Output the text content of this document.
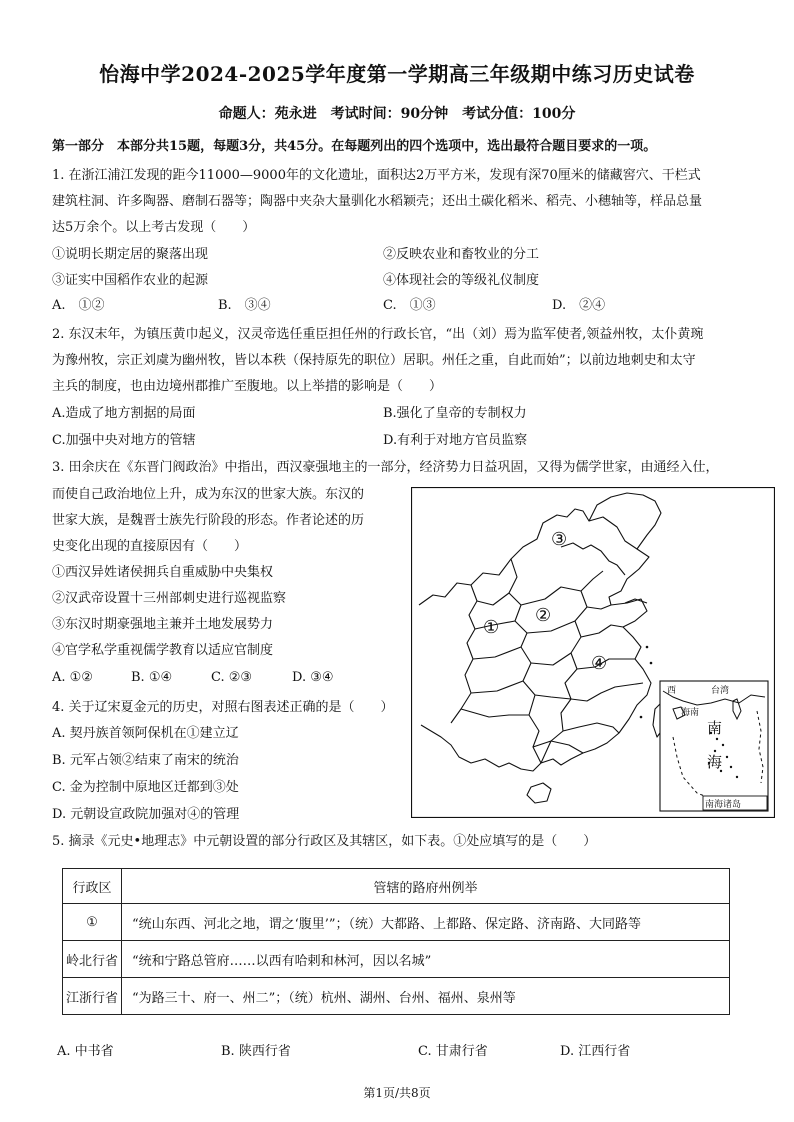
怡海中学2024-2025学年度第一学期高三年级期中练习历史试卷
命题人：苑永进　考试时间：90分钟　考试分值：100分
第一部分　本部分共15题，每题3分，共45分。在每题列出的四个选项中，选出最符合题目要求的一项。
1. 在浙江浦江发现的距今11000—9000年的文化遗址，面积达2万平方米，发现有深70厘米的储藏窖穴、干栏式
建筑柱洞、许多陶器、磨制石器等；陶器中夹杂大量驯化水稻颖壳；还出土碳化稻米、稻壳、小穗轴等，样品总量
达5万余个。以上考古发现（　　）
①说明长期定居的聚落出现	②反映农业和畜牧业的分工
③证实中国稻作农业的起源	④体现社会的等级礼仪制度
A.　①②	B.　③④	C.　①③	D.　②④
2. 东汉末年，为镇压黄巾起义，汉灵帝选任重臣担任州的行政长官，“出（刘）焉为监军使者,领益州牧，太仆黄琬
为豫州牧，宗正刘虞为幽州牧，皆以本秩（保持原先的职位）居职。州任之重，自此而始”；以前边地刺史和太守
主兵的制度，也由边境州郡推广至腹地。以上举措的影响是（　　）
A.造成了地方割据的局面	B.强化了皇帝的专制权力
C.加强中央对地方的管辖	D.有利于对地方官员监察
3. 田余庆在《东晋门阀政治》中指出，西汉豪强地主的一部分，经济势力日益巩固，又得为儒学世家，由通经入仕，
而使自己政治地位上升，成为东汉的世家大族。东汉的
世家大族，是魏晋士族先行阶段的形态。作者论述的历
史变化出现的直接原因有（　　）
①西汉异姓诸侯拥兵自重威胁中央集权
②汉武帝设置十三州部刺史进行巡视监察
③东汉时期豪强地主兼并土地发展势力
④官学私学重视儒学教育以适应官制度
A. ①②	B. ①④	C. ②③	D. ③④
4. 关于辽宋夏金元的历史，对照右图表述正确的是（　　）
A. 契丹族首领阿保机在①建立辽
B. 元军占领②结束了南宋的统治
C. 金为控制中原地区迁都到③处
D. 元朝设宣政院加强对④的管理
①
②
③
④
西	台湾
海南
南
海
南海诸岛
5. 摘录《元史•地理志》中元朝设置的部分行政区及其辖区，如下表。①处应填写的是（　　）
行政区	管辖的路府州例举
①	“统山东西、河北之地，谓之‘腹里’”；（统）大都路、上都路、保定路、济南路、大同路等
岭北行省	“统和宁路总管府……以西有哈剌和林河，因以名城”
江浙行省	“为路三十、府一、州二”；（统）杭州、湖州、台州、福州、泉州等
A. 中书省	B. 陕西行省	C. 甘肃行省	D. 江西行省
第1页/共8页
